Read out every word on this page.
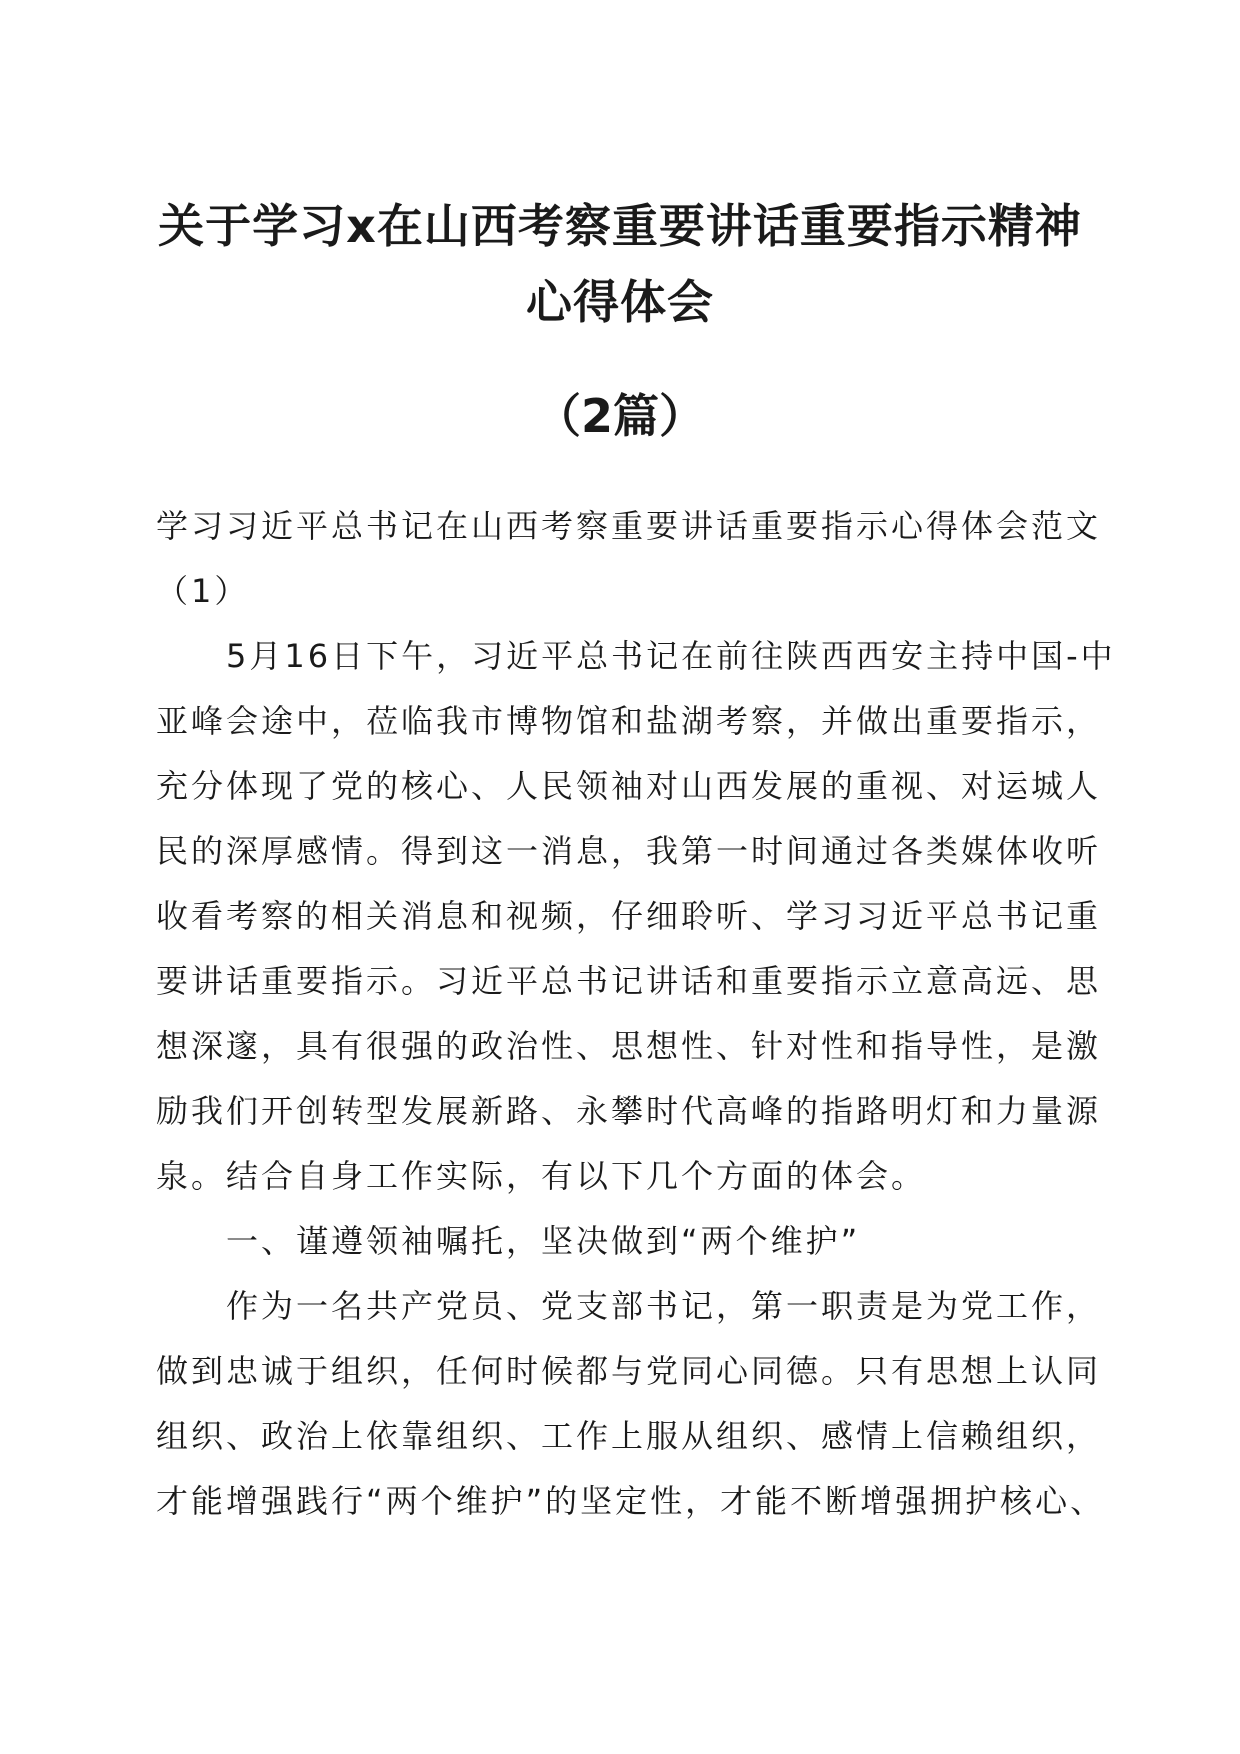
关于学习x在山西考察重要讲话重要指示精神
心得体会
（2篇）
学习习近平总书记在山西考察重要讲话重要指示心得体会范文
（1）
5月16日下午，习近平总书记在前往陕西西安主持中国-中
亚峰会途中，莅临我市博物馆和盐湖考察，并做出重要指示，
充分体现了党的核心、人民领袖对山西发展的重视、对运城人
民的深厚感情。得到这一消息，我第一时间通过各类媒体收听
收看考察的相关消息和视频，仔细聆听、学习习近平总书记重
要讲话重要指示。习近平总书记讲话和重要指示立意高远、思
想深邃，具有很强的政治性、思想性、针对性和指导性，是激
励我们开创转型发展新路、永攀时代高峰的指路明灯和力量源
泉。结合自身工作实际，有以下几个方面的体会。
一、谨遵领袖嘱托，坚决做到“两个维护”
作为一名共产党员、党支部书记，第一职责是为党工作，
做到忠诚于组织，任何时候都与党同心同德。只有思想上认同
组织、政治上依靠组织、工作上服从组织、感情上信赖组织，
才能增强践行“两个维护”的坚定性，才能不断增强拥护核心、
